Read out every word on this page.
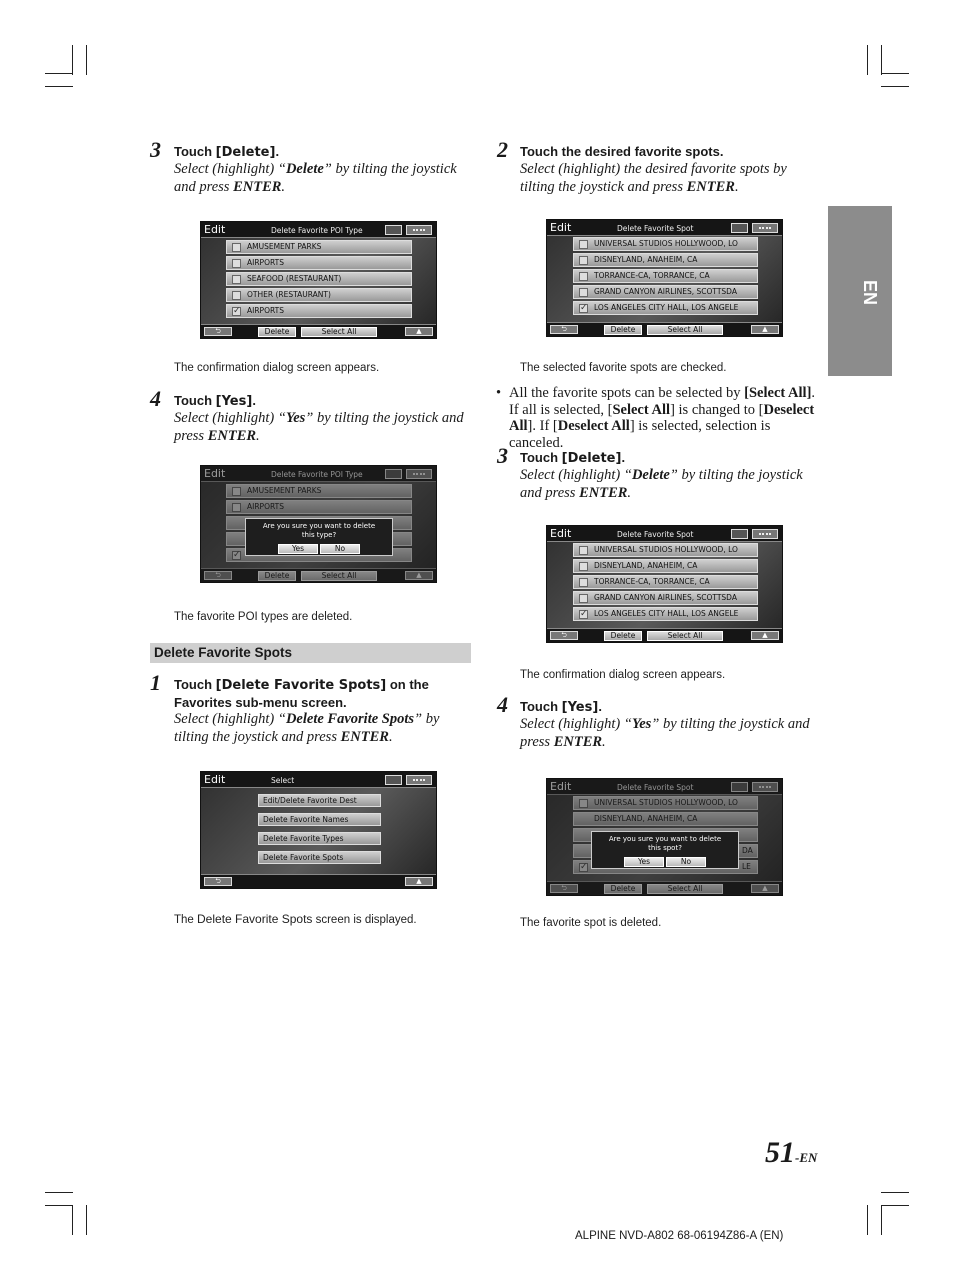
EN
3 Touch [Delete].
Select (highlight) “Delete” by tilting the joystick and press ENTER.
Edit	Delete Favorite POI Type
AMUSEMENT PARKS
AIRPORTS
SEAFOOD (RESTAURANT)
OTHER (RESTAURANT)
✓
AIRPORTS
⮌	Delete	Select All	▲
The confirmation dialog screen appears.
4 Touch [Yes].
Select (highlight) “Yes” by tilting the joystick and press ENTER.
Edit	Delete Favorite POI Type
AMUSEMENT PARKS
AIRPORTS
✓
⮌	Delete	Select All	▲
Are you sure you want to delete
this type?
Yes	No
The favorite POI types are deleted.
Delete Favorite Spots
1 Touch [Delete Favorite Spots] on the
Favorites sub-menu screen.
Select (highlight) “Delete Favorite Spots” by
tilting the joystick and press ENTER.
Edit	Select
Edit/Delete Favorite Dest
Delete Favorite Names
Delete Favorite Types
Delete Favorite Spots
⮌	▲
The Delete Favorite Spots screen is displayed.
2 Touch the desired favorite spots.
Select (highlight) the desired favorite spots by
tilting the joystick and press ENTER.
Edit	Delete Favorite Spot
UNIVERSAL STUDIOS HOLLYWOOD, LO
DISNEYLAND, ANAHEIM, CA
TORRANCE-CA, TORRANCE, CA
GRAND CANYON AIRLINES, SCOTTSDA
✓
LOS ANGELES CITY HALL, LOS ANGELE
⮌	Delete	Select All	▲
The selected favorite spots are checked.
• All the favorite spots can be selected by [Select All].
If all is selected, [Select All] is changed to [Deselect
All]. If [Deselect All] is selected, selection is canceled.
3 Touch [Delete].
Select (highlight) “Delete” by tilting the joystick and press ENTER.
Edit	Delete Favorite Spot
UNIVERSAL STUDIOS HOLLYWOOD, LO
DISNEYLAND, ANAHEIM, CA
TORRANCE-CA, TORRANCE, CA
GRAND CANYON AIRLINES, SCOTTSDA
✓
LOS ANGELES CITY HALL, LOS ANGELE
⮌	Delete	Select All	▲
The confirmation dialog screen appears.
4 Touch [Yes].
Select (highlight) “Yes” by tilting the joystick and
press ENTER.
Edit	Delete Favorite Spot
UNIVERSAL STUDIOS HOLLYWOOD, LO
DISNEYLAND, ANAHEIM, CA
DA
✓
LE
⮌	Delete	Select All	▲
Are you sure you want to delete
this spot?
Yes	No
The favorite spot is deleted.
51-EN
ALPINE NVD-A802 68-06194Z86-A (EN)
